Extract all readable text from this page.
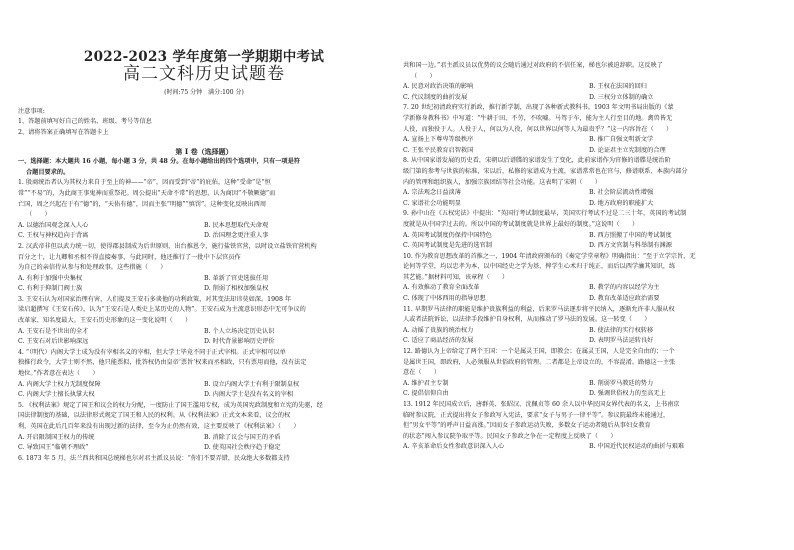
2022-2023 学年度第一学期期中考试
高二文科历史试题卷
(时间:75 分钟　满分:100 分)
注意事项:
1、答题前填写好自己的姓名、班级、考号等信息
2、请将答案正确填写在答题卡上
第 I 卷（选择题）
一、选择题：本大题共 16 小题，每小题 3 分，共 48 分。在每小题给出的四个选项中，只有一项是符
合题目要求的。
1. 殷商统治者认为其权力来自于至上的神——“帝”，因而受到“帝”的庇佑，这种“受命”是“恒
常”“不易”的，为此商王事鬼神而重祭祀。周公提出“天命不常”的思想，认为商因“不敬厥德”而
亡国，周之兴起在于有“德”的，“天佑有德”，因而主张“明德”“慎罚”。这种变化反映出西周
（　　）
A. 以德治国观念深入人心	B. 民本思想取代天命观
C. 王权与神权趋向于背离	D. 治国理念更注重人事
2. 汉武帝非但以武力统一切，使得郡县制成为后世原则，出台推恩令，施行盐铁官营，以时设立盐铁官营机构
百分之十，让九卿和丞相不得直接奏事，与此同时，他还推行了一批中下层官员作
为自己的亲信侍从参与和处理政事。这些措施（　　）
A. 有利于加强中央集权	B. 革新了官吏选拔任用
C. 有利于抑制门阀士族	D. 削弱了相权加强皇权
3. 王安石认为对国家治理有害，人们提及王安石多谈他的功利政策，对其变法却讳莫如深。1908 年
梁启超撰写《王安石传》，认为“王安石是人类史上某历史的人物”。王安石成为主流意识形态中无可争议的
改革家、知名度最大。王安石历史形象的这一变化说明（　　）
A. 王安石是不世出的全才	B. 个人立场决定历史认识
C. 王安石对后世影响深远	D. 时代背景影响历史评价
4. “（明代）内阁大学士成为没有宰相名义的宰相，但大学士毕竟不同于正式宰相。正式宰相可以单
独推行政令，大学士则不然，他只能票拟，批答权仍由皇帝‘票旨’权来而丞相政，只有票用而他，没有法定
地位。”作者意在表达（　　）
A. 内阁大学士权力无制度保障	B. 设立内阁大学士有利于限制皇权
C. 内阁大学士擅长执掌大权	D. 内阁大学士是没有名义的宰相
5. 《权利法案》规定了国王和议会的权力分配，一度防止了国王滥用专权，成为英国宪政制度和立宪的先驱，经
国法律制度的基础，以法律形式规定了国王和人民的权利。从《权利法案》正式文本来看，议会的权
利，英国在此后几百年来没有出现过新的法律，至今为止仍然有效，这主要反映了《权利法案》（　　）
A. 开启限制国王权力的传统	B. 消除了议会与国王的矛盾
C. 导致国王“临朝不理政”	D. 使英国社会秩序趋于稳定
6. 1873 年 5 月，法兰西共和国总统梯也尔对君主派议员说：“你们不要弄错，民众绝大多数都支持
共和国一边。”君主派议员以优势的议会随后通过对政府的不信任案，梯也尔被迫辞职。这反映了
（　　）
A. 民意对政治决策的影响	B. 王权在法国的回归
C. 代议制度的曲折发展	D. 三权分立体制的确立
7. 20 世纪初清政府实行新政，推行新学制，出现了各种新式教科书。1903 年文明书局出版的《蒙
学新修身教科书》中写道：“牛耕于田，不劳，不吹嘘。马驾于车，能为主人行至目的地。禽兽皆无
人役，而独役于人。人役于人，何以为人役，何以世界以何等人为最贵乎？”这一内容旨在（　　）
A. 宣扬上下尊卑等级秩序	B. 推广自强文明新文学
C. 王张平民教育启智救国	D. 论证君主立宪制度的合理
8. 从中国家谱发展的历史看，宋朝以后谱牒的家谱发生了变化，此前家谱作为官修的谱牒是统治阶
级门第的参考与世族的标准，宋以后，私修的家谱成为主流，家谱常常也在官与，修谱联系、本族内部分
内的管理和组织族人，加强宗族团结等社会功能。这表明了宋朝（　　）
A. 宗法观念日益淡薄	B. 社会阶层流动性增强
C. 家谱社会功能明显	D. 地方政府的职能扩大
9. 孙中山在《五权宪法》中提出：“英国行考试制度最早，美国实行考试不过是二三十年，英国的考试制
度就是从中国学过去的。所以中国的考试制度就是世界上最好的制度。”这说明（　　）
A. 英国考试制度仍保持中国特色	B. 西方照搬了中国的考试制度
C. 英国考试制度是先进的选官制	D. 西方文官制与科举制有渊源
10. 作为教育思想改革的首推之一，1904 年清政府颁布的《奏定学堂章程》明确指出：“至于立学宗旨，无
论何等学堂，均以忠孝为本，以中国经史之学为基，俾学生心术归于纯正，而后以西学瀹其知识，练
其艺能。”据材料可知，该章程（　　）
A. 有效推动了教育全面改革	B. 教学的内容以经学为主
C. 体现了中体西用的指导思想	D. 教育改革适应政治需要
11. 早期罗马法律的职能是维护贵族利益的利益，后来罗马法逐步将平民纳入，逐渐允许非人服从权
人或者法院诉讼，以法律手段维护自身权利，从而推动了罗马法的发展。这一转变（　　）
A. 动摇了贵族的统治权力	B. 使法律的实行权转移
C. 适应了商品经济的发展	D. 表明罗马法运转良好
12. 路德认为上帝给定了两个王国：一个是属灵王国，即教会；在属灵王国，人是完全自由的；一个
是属世王国，即政府，人必须服从世俗政府的管理。二者都是上帝设立的，不容混淆。路德这一主张
意在（　　）
A. 维护君主专制	B. 削弱罗马教廷的势力
C. 提倡信仰自由	D. 强调世俗权力的至高无上
13. 1912 年民国成立后，唐群英、张昭汉、沈佩贞等 60 余人以中华民国女界代表的名义，上书南京
临时参议院，正式提出将女子参政写入宪法，要求“女子与男子一律平等”。参议院最终未能通过，
但“男女平等”的呼声日益高涨。”因而女子参政运动失败，多数女子运动者随后从事妇女教育
的状态”闯入参议院争取平等。民国女子参政之争在一定程度上反映了（　　）
A. 辛亥革命后女性参政意识深入人心	B. 中国近代民权运动的曲折与艰难
